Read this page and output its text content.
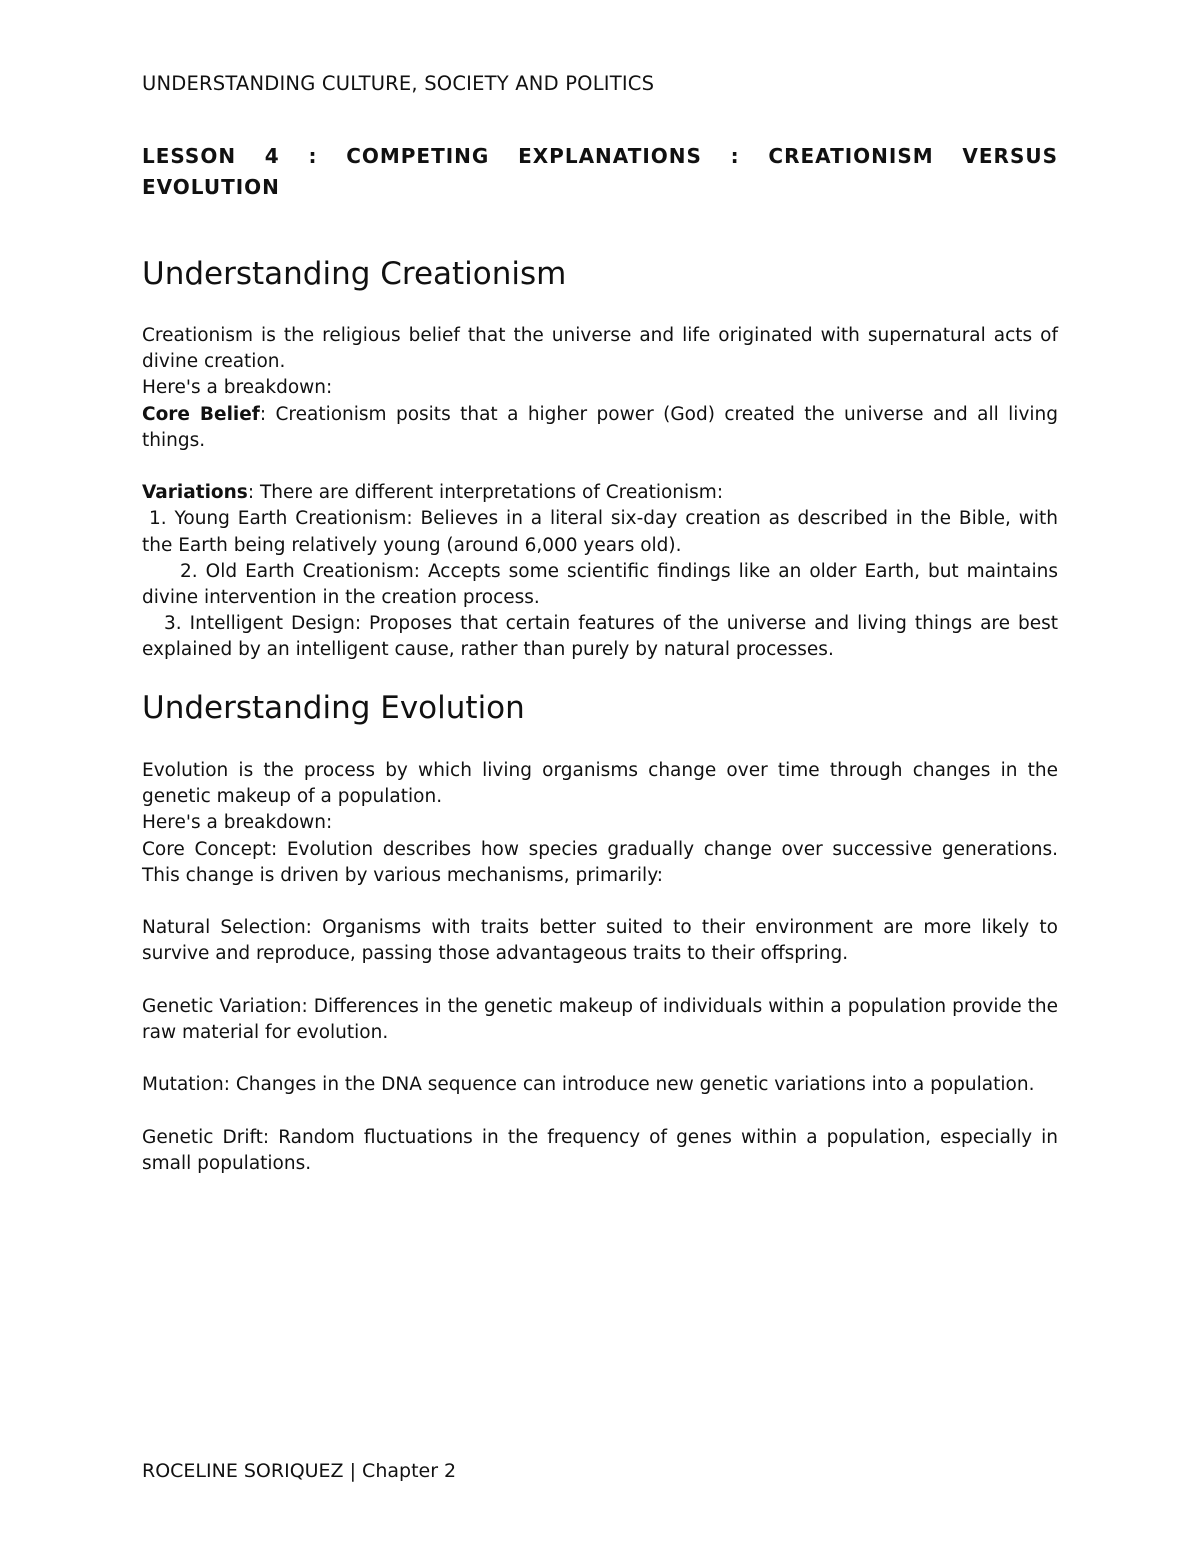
UNDERSTANDING CULTURE, SOCIETY AND POLITICS
LESSON 4 : COMPETING EXPLANATIONS : CREATIONISM VERSUS EVOLUTION
Understanding Creationism

Creationism is the religious belief that the universe and life originated with supernatural acts of divine creation.

Here's a breakdown:

Core Belief: Creationism posits that a higher power (God) created the universe and all living things.

Variations: There are different interpretations of Creationism:

1. Young Earth Creationism: Believes in a literal six-day creation as described in the Bible, with the Earth being relatively young (around 6,000 years old).

2. Old Earth Creationism: Accepts some scientific findings like an older Earth, but maintains divine intervention in the creation process.

3. Intelligent Design: Proposes that certain features of the universe and living things are best explained by an intelligent cause, rather than purely by natural processes.

Understanding Evolution

Evolution is the process by which living organisms change over time through changes in the genetic makeup of a population.

Here's a breakdown:

Core Concept: Evolution describes how species gradually change over successive generations. This change is driven by various mechanisms, primarily:

Natural Selection: Organisms with traits better suited to their environment are more likely to survive and reproduce, passing those advantageous traits to their offspring.

Genetic Variation: Differences in the genetic makeup of individuals within a population provide the raw material for evolution.

Mutation: Changes in the DNA sequence can introduce new genetic variations into a population.

Genetic Drift: Random fluctuations in the frequency of genes within a population, especially in small populations.

ROCELINE SORIQUEZ | Chapter 2
